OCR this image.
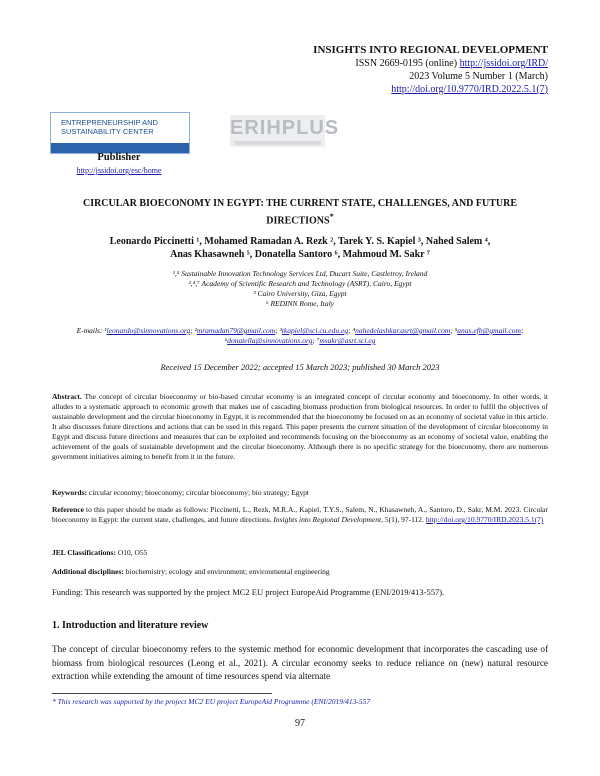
INSIGHTS INTO REGIONAL DEVELOPMENT
ISSN 2669-0195 (online) http://jssidoi.org/IRD/
2023 Volume 5 Number 1 (March)
http://doi.org/10.9770/IRD.2022.5.1(7)
ENTREPRENEURSHIP AND
SUSTAINABILITY CENTER
Publisher
http://jssidoi.org/esc/home
ERIHPLUS
CIRCULAR BIOECONOMY IN EGYPT: THE CURRENT STATE, CHALLENGES, AND FUTURE DIRECTIONS*
Leonardo Piccinetti ¹, Mohamed Ramadan A. Rezk ², Tarek Y. S. Kapiel ³, Nahed Salem ⁴,
Anas Khasawneh ⁵, Donatella Santoro ⁶, Mahmoud M. Sakr ⁷
¹,⁵ Sustainable Innovation Technology Services Ltd, Ducart Suite, Castletroy, Ireland
²,⁴,⁷ Academy of Scientific Research and Technology (ASRT), Cairo, Egypt
³ Cairo University, Giza, Egypt
⁶ REDINN Rome, Italy
E-mails: ¹leonardo@sinnovations.org; ²mramadan79@gmail.com; ³tkapiel@sci.cu.edu.eg; ⁴nahedelashkar.asrt@gmail.com; ⁵anas.efb@gmail.com; ⁶donatella@sinnovations.org; ⁷msakr@asrt.sci.eg
Received 15 December 2022; accepted 15 March 2023; published 30 March 2023
Abstract. The concept of circular bioeconomy or bio-based circular economy is an integrated concept of circular economy and bioeconomy. In other words, it alludes to a systematic approach to economic growth that makes use of cascading biomass production from biological resources. In order to fulfil the objectives of sustainable development and the circular bioeconomy in Egypt, it is recommended that the bioeconomy be focused on as an economy of societal value in this article. It also discusses future directions and actions that can be used in this regard. This paper presents the current situation of the development of circular bioeconomy in Egypt and discuss future directions and measures that can be exploited and recommends focusing on the bioeconomy as an economy of societal value, enabling the achievement of the goals of sustainable development and the circular bioeconomy. Although there is no specific strategy for the bioeconomy, there are numerous government initiatives aiming to benefit from it in the future.
Keywords: circular economy; bioeconomy; circular bioeconomy; bio strategy; Egypt
Reference to this paper should be made as follows: Piccinetti, L., Rezk, M.R.A., Kapiel, T.Y.S., Salem, N., Khasawneh, A., Santoro, D., Sakr, M.M. 2023. Circular bioeconomy in Egypt: the current state, challenges, and future directions. Insights into Regional Development, 5(1), 97-112. http://doi.org/10.9770/IRD.2023.5.1(7)
JEL Classifications: O10, O55
Additional disciplines: biochemistry; ecology and environment; environmental engineering
Funding: This research was supported by the project MC2 EU project EuropeAid Programme (ENI/2019/413-557).
1. Introduction and literature review
The concept of circular bioeconomy refers to the systemic method for economic development that incorporates the cascading use of biomass from biological resources (Leong et al., 2021). A circular economy seeks to reduce reliance on (new) natural resource extraction while extending the amount of time resources spend via alternate
* This research was supported by the project MC2 EU project EuropeAid Programme (ENI/2019/413-557
97
